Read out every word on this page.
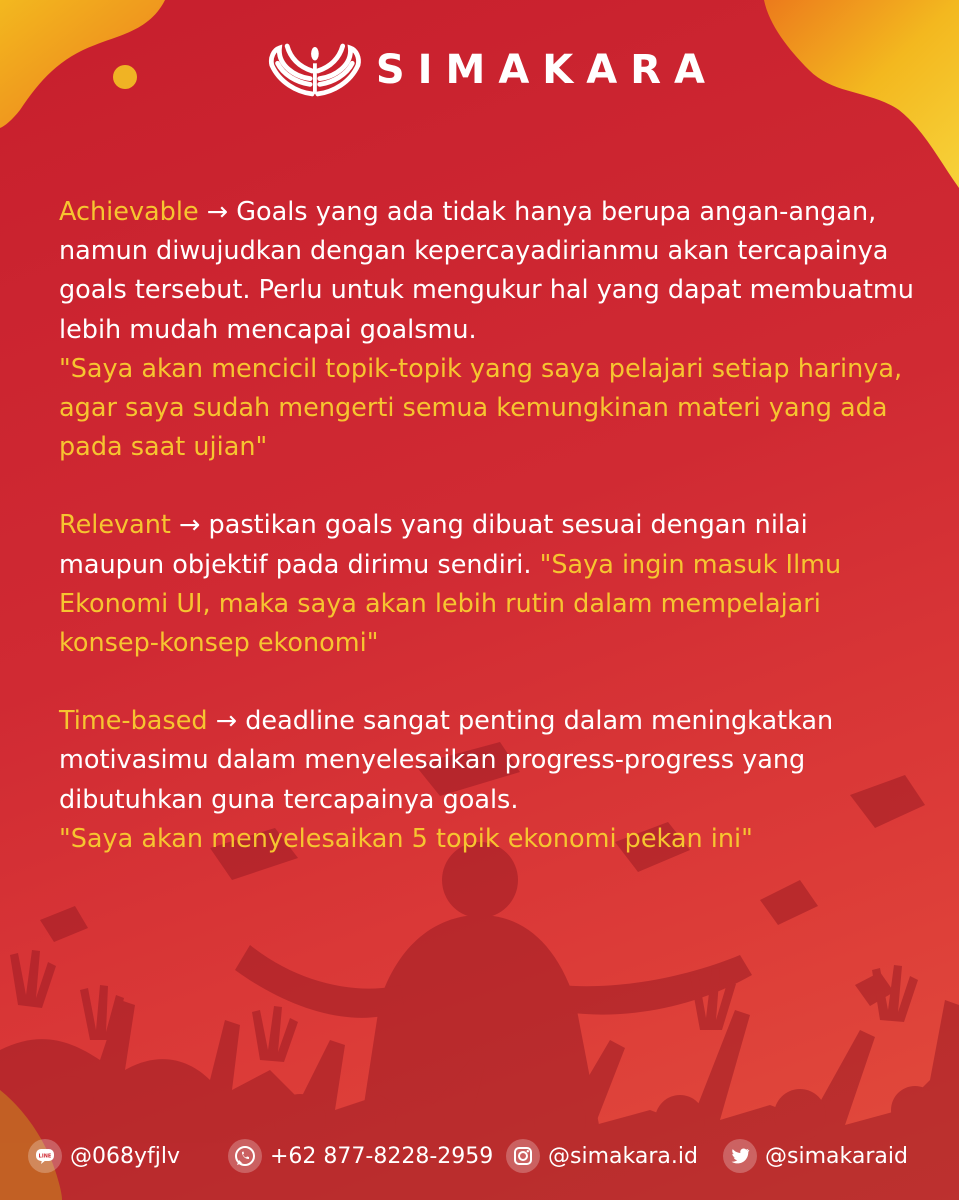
SIMAKARA

Achievable → Goals yang ada tidak hanya berupa angan-angan, namun diwujudkan dengan kepercayadirianmu akan tercapainya goals tersebut. Perlu untuk mengukur hal yang dapat membuatmu lebih mudah mencapai goalsmu.

"Saya akan mencicil topik-topik yang saya pelajari setiap harinya, agar saya sudah mengerti semua kemungkinan materi yang ada pada saat ujian"

Relevant → pastikan goals yang dibuat sesuai dengan nilai maupun objektif pada dirimu sendiri. "Saya ingin masuk Ilmu Ekonomi UI, maka saya akan lebih rutin dalam mempelajari konsep-konsep ekonomi"

Time-based → deadline sangat penting dalam meningkatkan motivasimu dalam menyelesaikan progress-progress yang dibutuhkan guna tercapainya goals.

"Saya akan menyelesaikan 5 topik ekonomi pekan ini"

LINE @068yfjlv	+62 877-8228-2959 @simakara.id	@simakaraid
